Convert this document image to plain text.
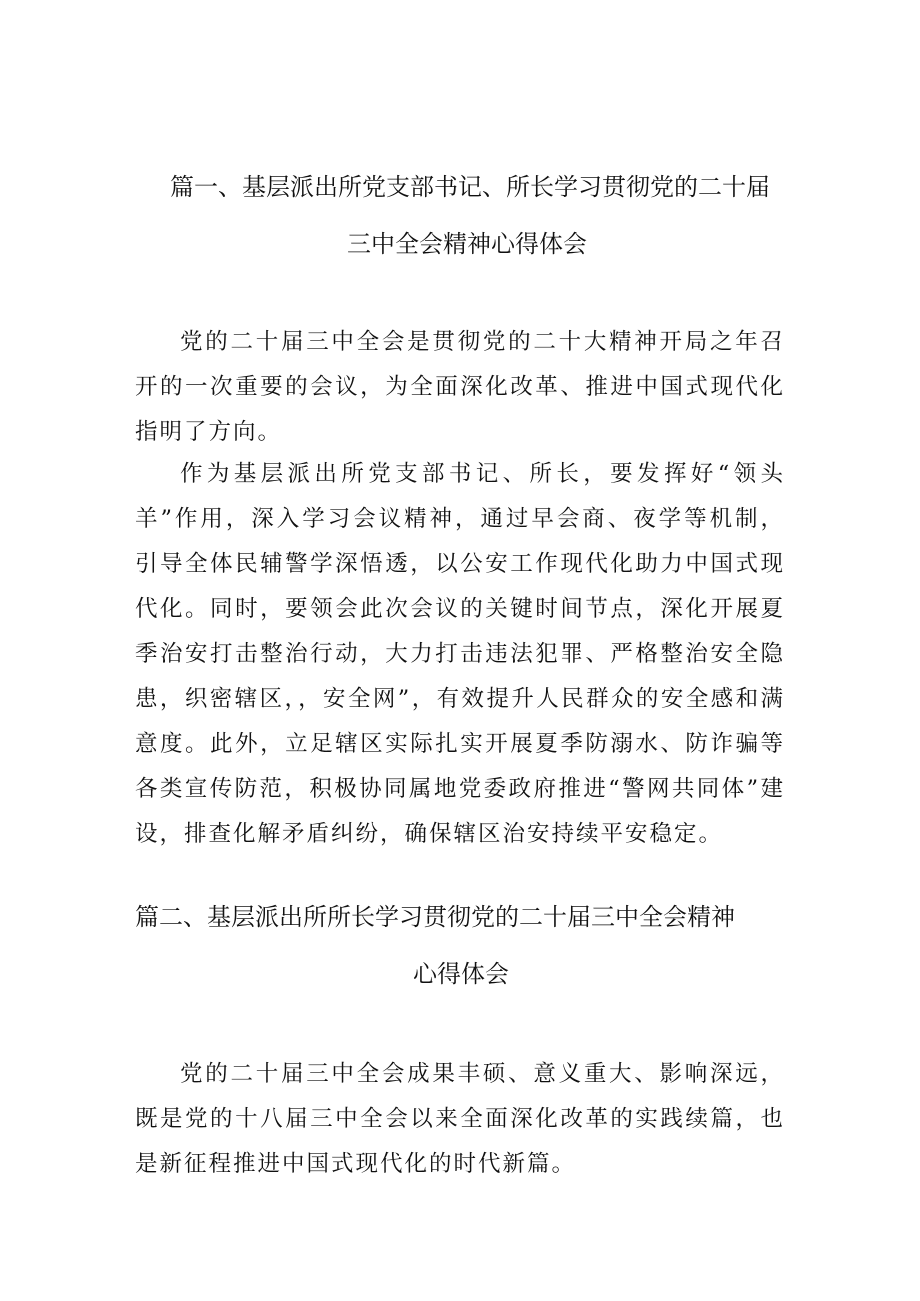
篇一、基层派出所党支部书记、所长学习贯彻党的二十届
三中全会精神心得体会

党的二十届三中全会是贯彻党的二十大精神开局之年召开的一次重要的会议，为全面深化改革、推进中国式现代化指明了方向。

作为基层派出所党支部书记、所长，要发挥好“领头羊”作用，深入学习会议精神，通过早会商、夜学等机制，引导全体民辅警学深悟透，以公安工作现代化助力中国式现代化。同时，要领会此次会议的关键时间节点，深化开展夏季治安打击整治行动，大力打击违法犯罪、严格整治安全隐患，织密辖区，，安全网”，有效提升人民群众的安全感和满意度。此外，立足辖区实际扎实开展夏季防溺水、防诈骗等各类宣传防范，积极协同属地党委政府推进“警网共同体”建设，排查化解矛盾纠纷，确保辖区治安持续平安稳定。

篇二、基层派出所所长学习贯彻党的二十届三中全会精神
心得体会

党的二十届三中全会成果丰硕、意义重大、影响深远，既是党的十八届三中全会以来全面深化改革的实践续篇，也是新征程推进中国式现代化的时代新篇。
